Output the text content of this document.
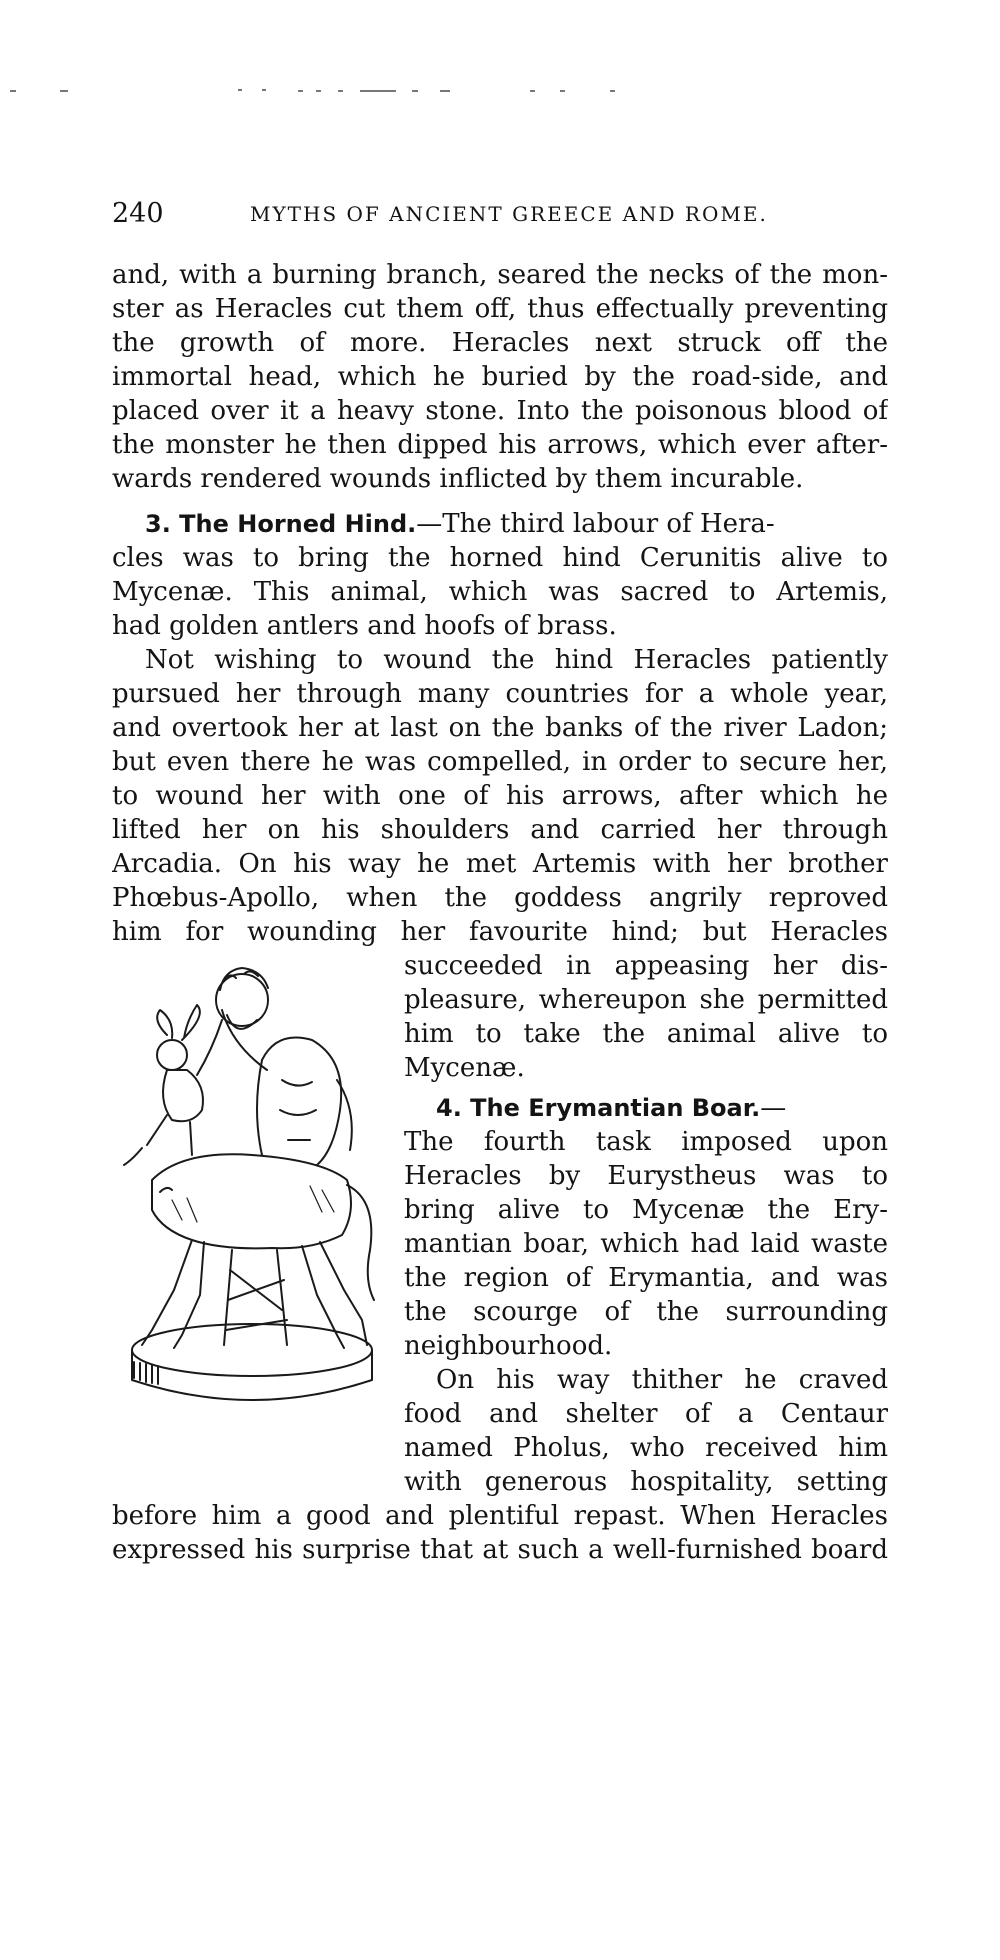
240	MYTHS OF ANCIENT GREECE AND ROME.
and, with a burning branch, seared the necks of the mon-
ster as Heracles cut them off, thus effectually preventing
the growth of more. Heracles next struck off the
immortal head, which he buried by the road-side, and
placed over it a heavy stone. Into the poisonous blood of
the monster he then dipped his arrows, which ever after-
wards rendered wounds inflicted by them incurable.
3. The Horned Hind.—The third labour of Hera-
cles was to bring the horned hind Cerunitis alive to
Mycenæ. This animal, which was sacred to Artemis,
had golden antlers and hoofs of brass.
Not wishing to wound the hind Heracles patiently
pursued her through many countries for a whole year,
and overtook her at last on the banks of the river Ladon;
but even there he was compelled, in order to secure her,
to wound her with one of his arrows, after which he
lifted her on his shoulders and carried her through
Arcadia. On his way he met Artemis with her brother
Phœbus-Apollo, when the goddess angrily reproved
him for wounding her favourite hind; but Heracles
succeeded in appeasing her dis-
pleasure, whereupon she permitted
him to take the animal alive to
Mycenæ.
4. The Erymantian Boar.—
The fourth task imposed upon
Heracles by Eurystheus was to
bring alive to Mycenæ the Ery-
mantian boar, which had laid waste
the region of Erymantia, and was
the scourge of the surrounding
neighbourhood.
On his way thither he craved
food and shelter of a Centaur
named Pholus, who received him
with generous hospitality, setting
before him a good and plentiful repast. When Heracles
expressed his surprise that at such a well-furnished board
